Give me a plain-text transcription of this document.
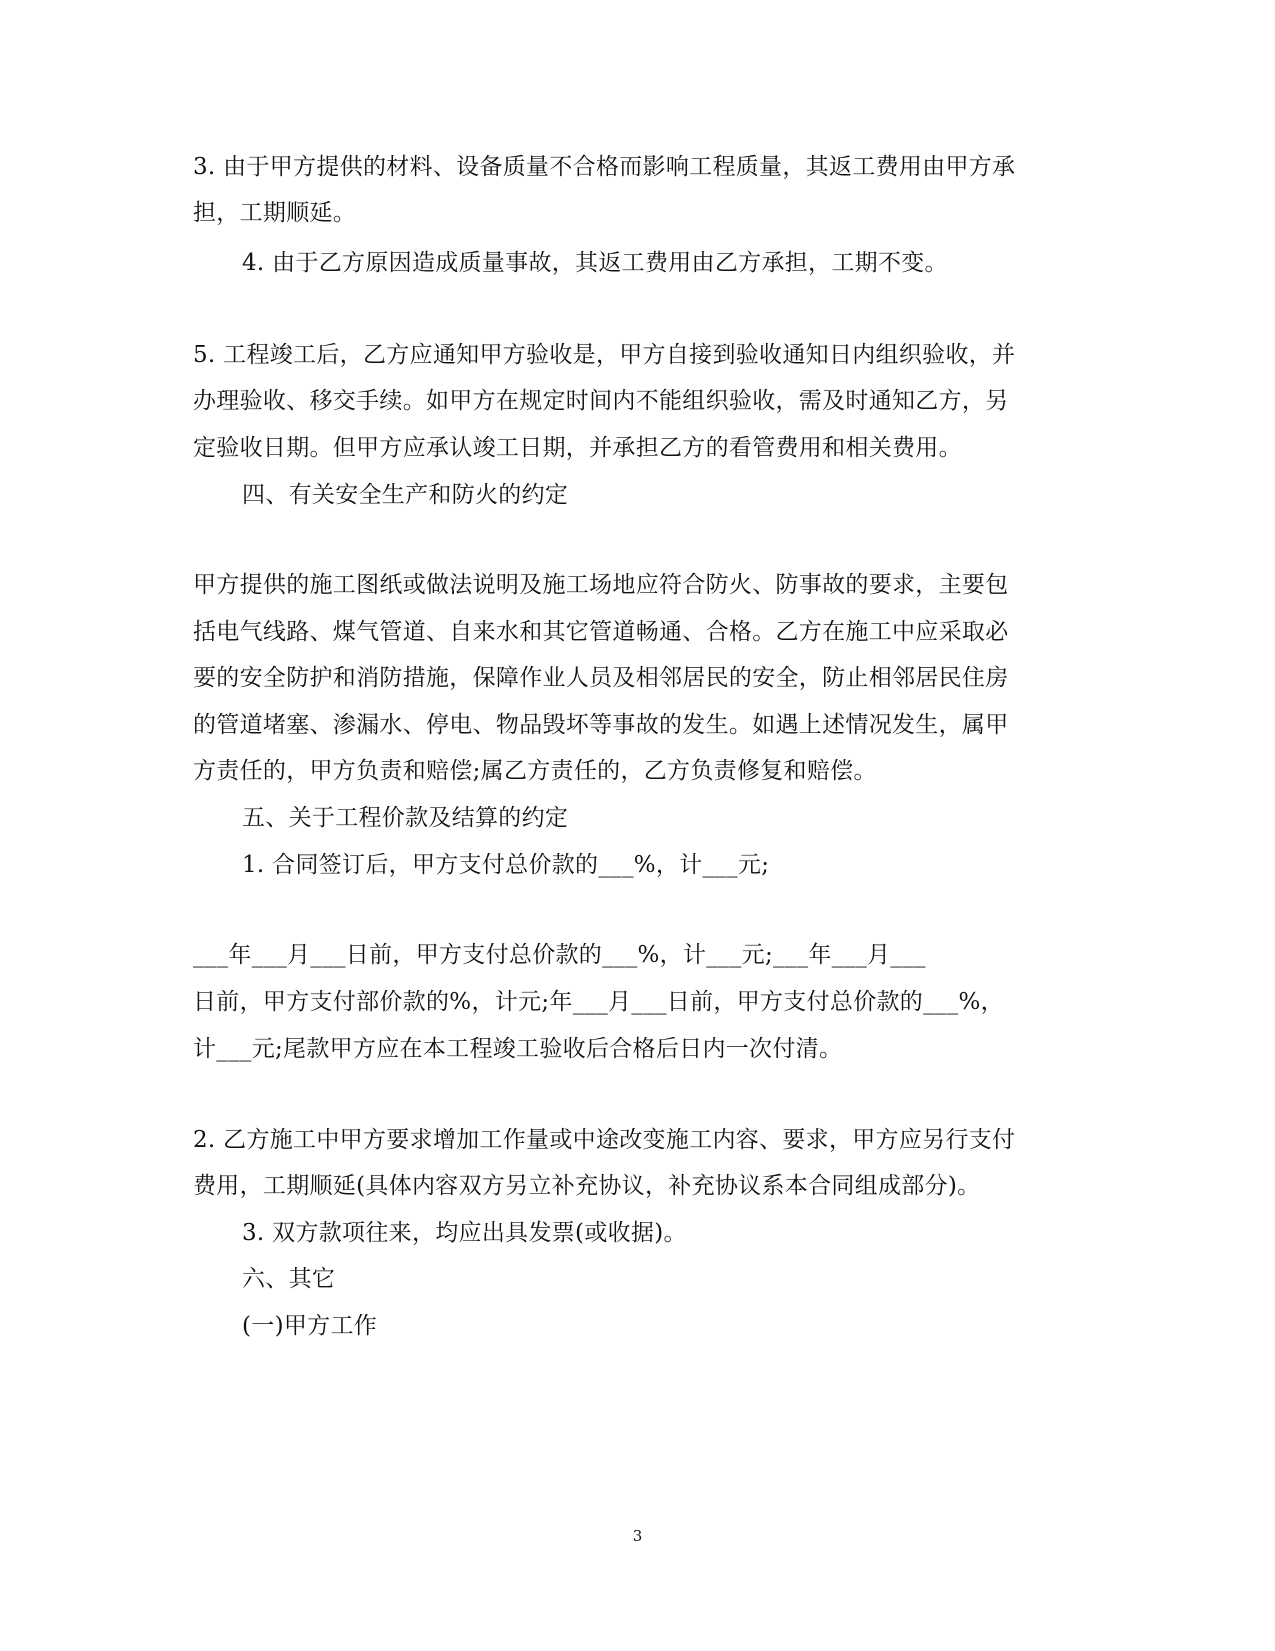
3. 由于甲方提供的材料、设备质量不合格而影响工程质量，其返工费用由甲方承
担，工期顺延。
4. 由于乙方原因造成质量事故，其返工费用由乙方承担，工期不变。
5. 工程竣工后，乙方应通知甲方验收是，甲方自接到验收通知日内组织验收，并
办理验收、移交手续。如甲方在规定时间内不能组织验收，需及时通知乙方，另
定验收日期。但甲方应承认竣工日期，并承担乙方的看管费用和相关费用。
四、有关安全生产和防火的约定
甲方提供的施工图纸或做法说明及施工场地应符合防火、防事故的要求，主要包
括电气线路、煤气管道、自来水和其它管道畅通、合格。乙方在施工中应采取必
要的安全防护和消防措施，保障作业人员及相邻居民的安全，防止相邻居民住房
的管道堵塞、渗漏水、停电、物品毁坏等事故的发生。如遇上述情况发生，属甲
方责任的，甲方负责和赔偿;属乙方责任的，乙方负责修复和赔偿。
五、关于工程价款及结算的约定
1. 合同签订后，甲方支付总价款的___%，计___元;
___年___月___日前，甲方支付总价款的___%，计___元;___年___月___
日前，甲方支付部价款的%，计元;年___月___日前，甲方支付总价款的___%，
计___元;尾款甲方应在本工程竣工验收后合格后日内一次付清。
2. 乙方施工中甲方要求增加工作量或中途改变施工内容、要求，甲方应另行支付
费用，工期顺延(具体内容双方另立补充协议，补充协议系本合同组成部分)。
3. 双方款项往来，均应出具发票(或收据)。
六、其它
(一)甲方工作
3
